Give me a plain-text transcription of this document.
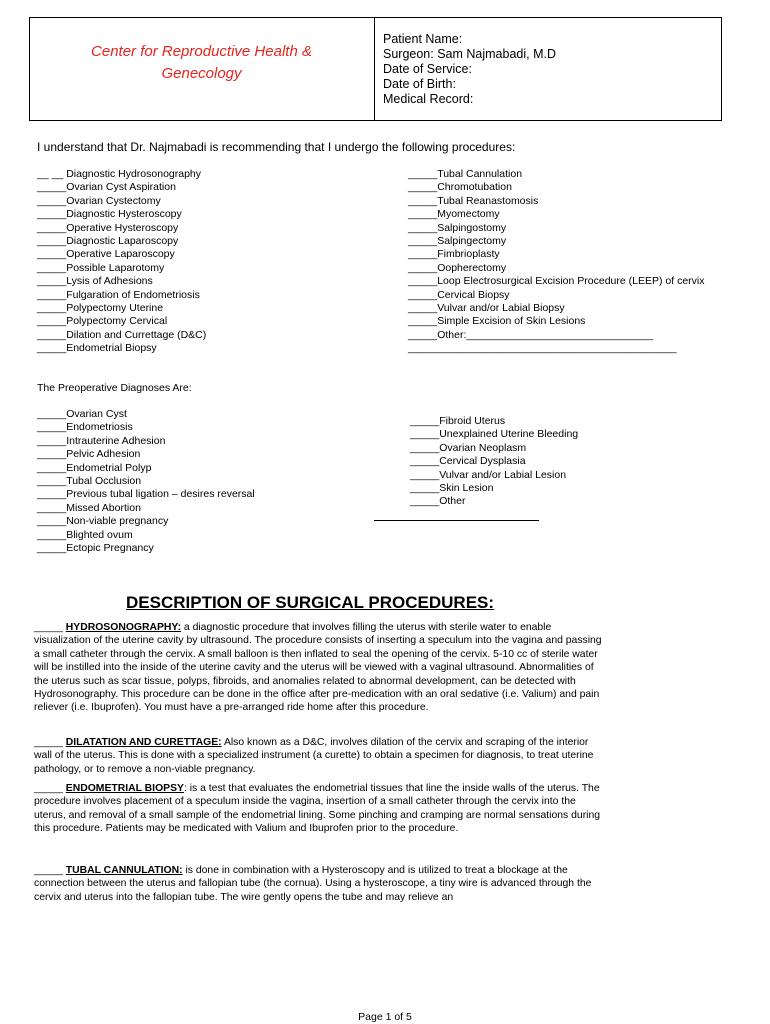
Center for Reproductive Health & Genecology
Patient Name:
Surgeon: Sam Najmabadi, M.D
Date of Service:
Date of Birth:
Medical Record:
I understand that Dr. Najmabadi is recommending that I undergo the following procedures:
__ __ Diagnostic Hydrosonography
_____Ovarian Cyst Aspiration
_____Ovarian Cystectomy
_____Diagnostic Hysteroscopy
_____Operative Hysteroscopy
_____Diagnostic Laparoscopy
_____Operative Laparoscopy
_____Possible Laparotomy
_____Lysis of Adhesions
_____Fulgaration of Endometriosis
_____Polypectomy Uterine
_____Polypectomy Cervical
_____Dilation and Currettage (D&C)
_____Endometrial Biopsy
_____Tubal Cannulation
_____Chromotubation
_____Tubal Reanastomosis
_____Myomectomy
_____Salpingostomy
_____Salpingectomy
_____Fimbrioplasty
_____Oopherectomy
_____Loop Electrosurgical Excision Procedure (LEEP) of cervix
_____Cervical Biopsy
_____Vulvar and/or Labial Biopsy
_____Simple Excision of Skin Lesions
_____Other:________________________________
______________________________________________
The Preoperative Diagnoses Are:
_____Ovarian Cyst
_____Endometriosis
_____Intrauterine Adhesion
_____Pelvic Adhesion
_____Endometrial Polyp
_____Tubal Occlusion
_____Previous tubal ligation – desires reversal
_____Missed Abortion
_____Non-viable pregnancy
_____Blighted ovum
_____Ectopic Pregnancy
_____Fibroid Uterus
_____Unexplained Uterine Bleeding
_____Ovarian Neoplasm
_____Cervical Dysplasia
_____Vulvar and/or Labial Lesion
_____Skin Lesion
_____Other
DESCRIPTION OF SURGICAL PROCEDURES:

_____ HYDROSONOGRAPHY: a diagnostic procedure that involves filling the uterus with sterile water to enable visualization of the uterine cavity by ultrasound. The procedure consists of inserting a speculum into the vagina and passing a small catheter through the cervix. A small balloon is then inflated to seal the opening of the cervix. 5-10 cc of sterile water will be instilled into the inside of the uterine cavity and the uterus will be viewed with a vaginal ultrasound. Abnormalities of the uterus such as scar tissue, polyps, fibroids, and anomalies related to abnormal development, can be detected with Hydrosonography. This procedure can be done in the office after pre-medication with an oral sedative (i.e. Valium) and pain reliever (i.e. Ibuprofen). You must have a pre-arranged ride home after this procedure.

_____ DILATATION AND CURETTAGE: Also known as a D&C, involves dilation of the cervix and scraping of the interior wall of the uterus. This is done with a specialized instrument (a curette) to obtain a specimen for diagnosis, to treat uterine pathology, or to remove a non-viable pregnancy.

_____ ENDOMETRIAL BIOPSY: is a test that evaluates the endometrial tissues that line the inside walls of the uterus. The procedure involves placement of a speculum inside the vagina, insertion of a small catheter through the cervix into the uterus, and removal of a small sample of the endometrial lining. Some pinching and cramping are normal sensations during this procedure. Patients may be medicated with Valium and Ibuprofen prior to the procedure.

_____ TUBAL CANNULATION: is done in combination with a Hysteroscopy and is utilized to treat a blockage at the connection between the uterus and fallopian tube (the cornua). Using a hysteroscope, a tiny wire is advanced through the cervix and uterus into the fallopian tube. The wire gently opens the tube and may relieve an

Page 1 of 5
